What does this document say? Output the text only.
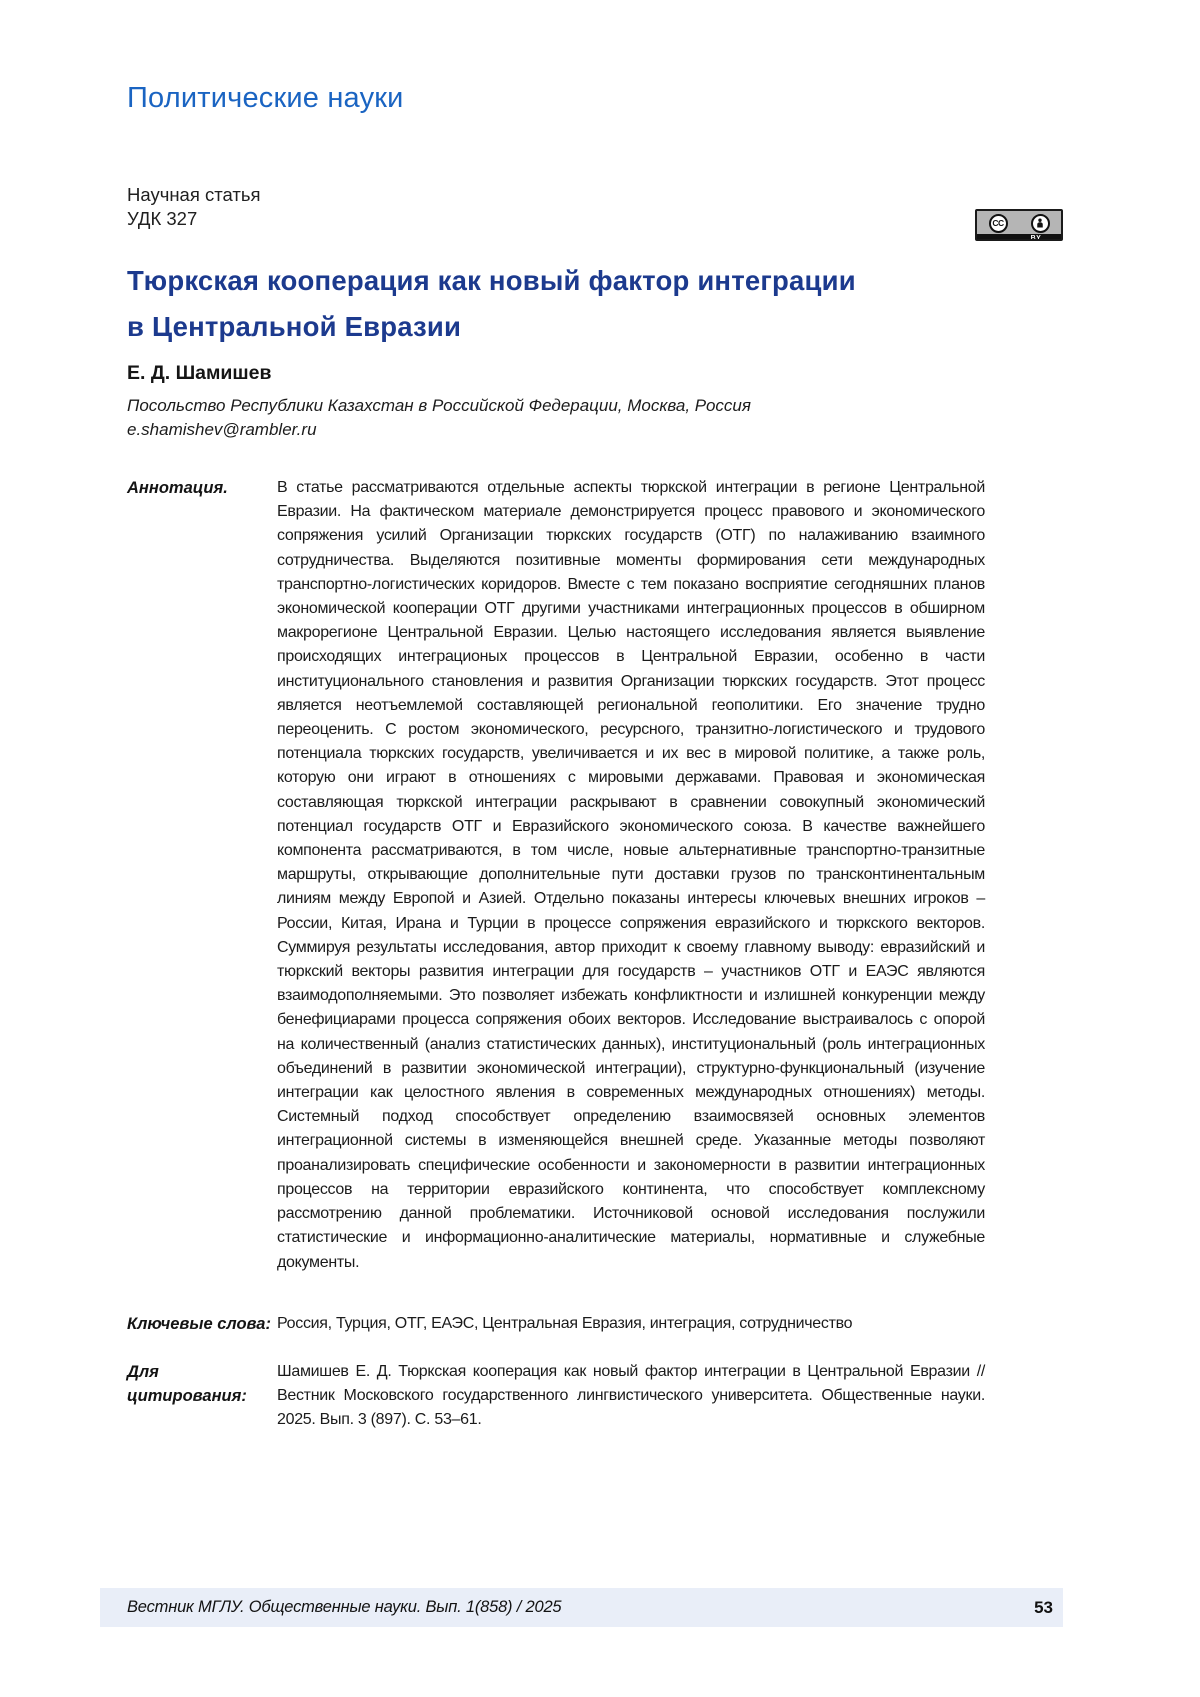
Политические науки
Научная статья
УДК 327	CC
BY
Тюркская кооперация как новый фактор интеграции
в Центральной Евразии
Е. Д. Шамишев
Посольство Республики Казахстан в Российской Федерации, Москва, Россия
e.shamishev@rambler.ru
Аннотация.	В статье рассматриваются отдельные аспекты тюркской интеграции в регионе Центральной Евразии. На фактическом материале демонстрируется процесс правового и экономического сопряжения усилий Организации тюркских государств (ОТГ) по налаживанию взаимного сотрудничества. Выделяются позитивные моменты формирования сети международных транспортно-логистических коридоров. Вместе с тем показано восприятие сегодняшних планов экономической кооперации ОТГ другими участниками интеграционных процессов в обширном макрорегионе Центральной Евразии. Целью настоящего исследования является выявление происходящих интеграционых процессов в Центральной Евразии, особенно в части институционального становления и развития Организации тюркских государств. Этот процесс является неотъемлемой составляющей региональной геополитики. Его значение трудно переоценить. С ростом экономического, ресурсного, транзитно-логистического и трудового потенциала тюркских государств, увеличивается и их вес в мировой политике, а также роль, которую они играют в отношениях с мировыми державами. Правовая и экономическая составляющая тюркской интеграции раскрывают в сравнении совокупный экономический потенциал государств ОТГ и Евразийского экономического союза. В качестве важнейшего компонента рассматриваются, в том числе, новые альтернативные транспортно-транзитные маршруты, открывающие дополнительные пути доставки грузов по трансконтинентальным линиям между Европой и Азией. Отдельно показаны интересы ключевых внешних игроков – России, Китая, Ирана и Турции в процессе сопряжения евразийского и тюркского векторов. Суммируя результаты исследования, автор приходит к своему главному выводу: евразийский и тюркский векторы развития интеграции для государств – участников ОТГ и ЕАЭС являются взаимодополняемыми. Это позволяет избежать конфликтности и излишней конкуренции между бенефициарами процесса сопряжения обоих векторов. Исследование выстраивалось с опорой на количественный (анализ статистических данных), институциональный (роль интеграционных объединений в развитии экономической интеграции), структурно-функциональный (изучение интеграции как целостного явления в современных международных отношениях) методы. Системный подход способствует определению взаимосвязей основных элементов интеграционной системы в изменяющейся внешней среде. Указанные методы позволяют проанализировать специфические особенности и закономерности в развитии интеграционных процессов на территории евразийского континента, что способствует комплексному рассмотрению данной проблематики. Источниковой основой исследования послужили статистические и информационно-аналитические материалы, нормативные и служебные документы.
Ключевые слова: Россия, Турция, ОТГ, ЕАЭС, Центральная Евразия, интеграция, сотрудничество
Для цитирования:
Шамишев Е. Д. Тюркская кооперация как новый фактор интеграции в Центральной Евразии // Вестник Московского государственного лингвистического университета. Общественные науки. 2025. Вып. 3 (897). С. 53–61.
Вестник МГЛУ. Общественные науки. Вып. 1(858) / 2025	53
